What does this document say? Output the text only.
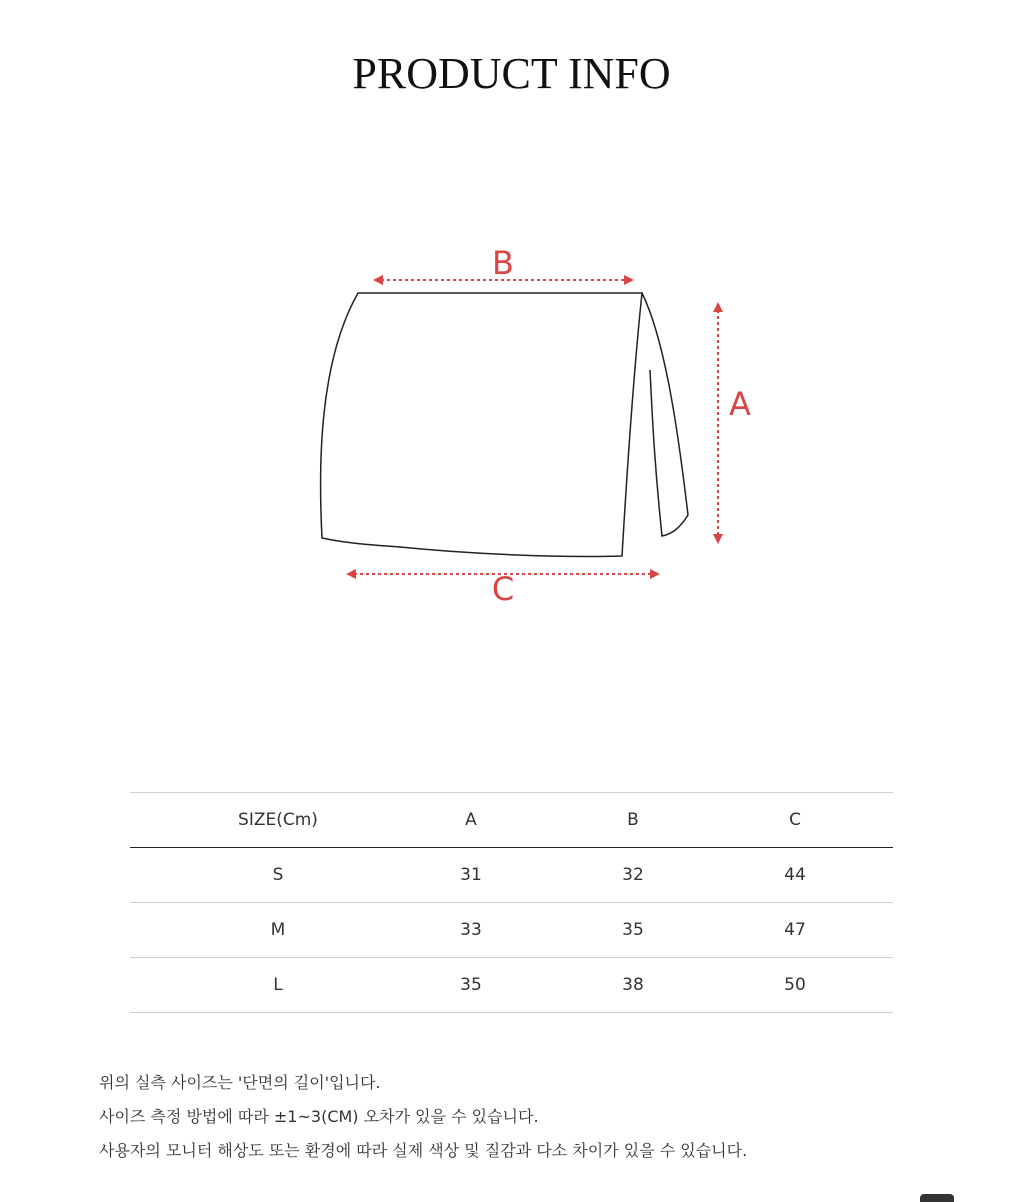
PRODUCT INFO
B
A
C
SIZE(Cm)	A	B	C	
S	31	32	44	
M	33	35	47	
L	35	38	50	

위의 실측 사이즈는 '단면의 길이'입니다.

사이즈 측정 방법에 따라 ±1~3(CM) 오차가 있을 수 있습니다.

사용자의 모니터 해상도 또는 환경에 따라 실제 색상 및 질감과 다소 차이가 있을 수 있습니다.
